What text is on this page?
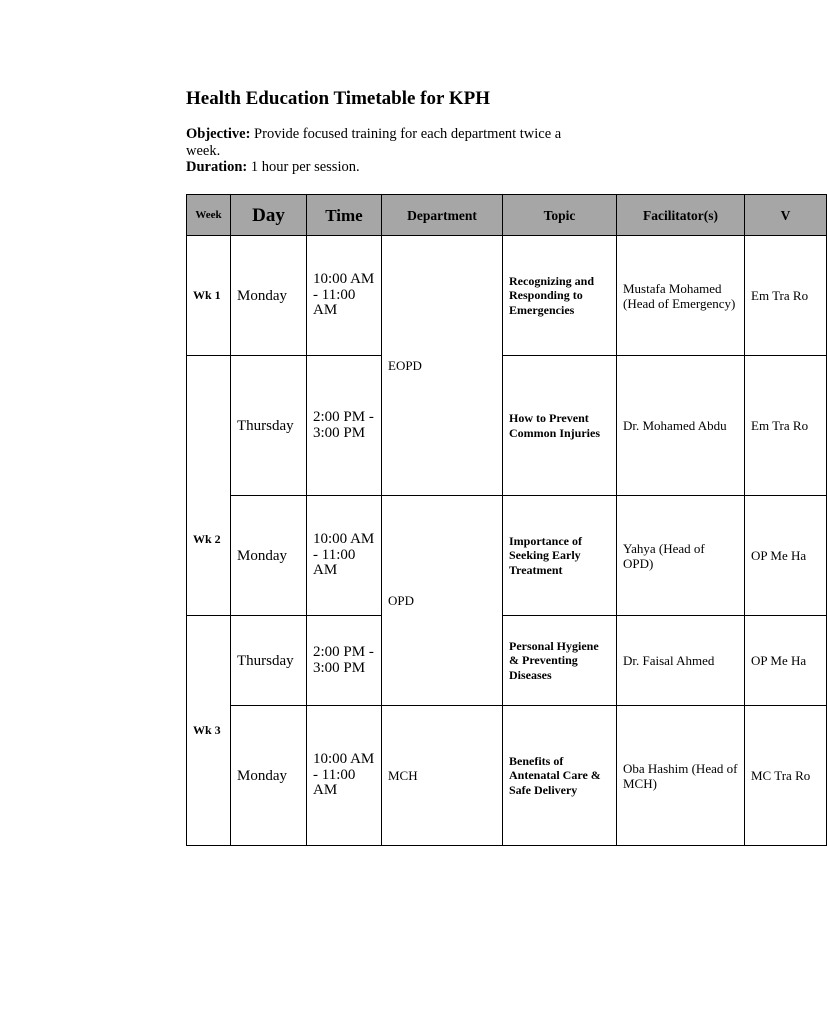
Health Education Timetable for KPH
Objective: Provide focused training for each department twice a week.
Duration: 1 hour per session.
Week	Day	Time	Department	Topic	Facilitator(s)	V
Wk 1	Monday	10:00 AM - 11:00 AM	EOPD	Recognizing and Responding to Emergencies	Mustafa Mohamed (Head of Emergency)	Em Tra Ro
Wk 2	Thursday	2:00 PM - 3:00 PM		How to Prevent Common Injuries	Dr. Mohamed Abdu	Em Tra Ro
	Monday	10:00 AM - 11:00 AM	OPD	Importance of Seeking Early Treatment	Yahya (Head of OPD)	OP Me Ha
Wk 3	Thursday	2:00 PM - 3:00 PM		Personal Hygiene & Preventing Diseases	Dr. Faisal Ahmed	OP Me Ha
	Monday	10:00 AM - 11:00 AM	MCH	Benefits of Antenatal Care & Safe Delivery	Oba Hashim (Head of MCH)	MC Tra Ro
